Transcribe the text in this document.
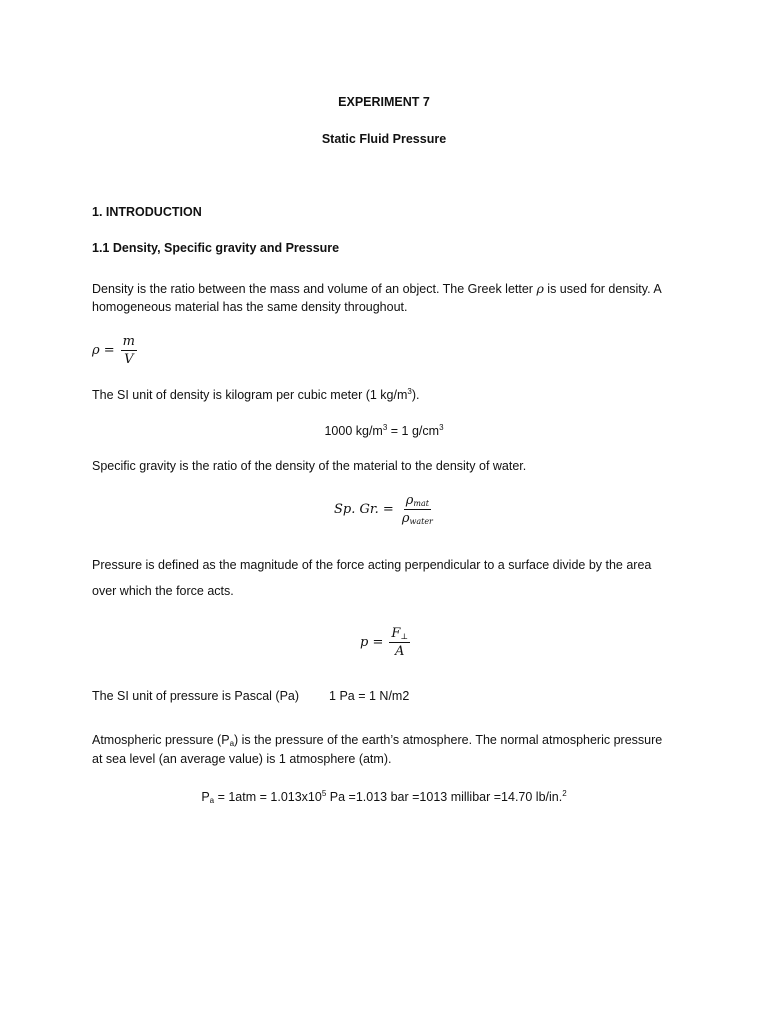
EXPERIMENT 7
Static Fluid Pressure
1. INTRODUCTION
1.1 Density, Specific gravity and Pressure
Density is the ratio between the mass and volume of an object. The Greek letter ρ is used for density. A
homogeneous material has the same density throughout.
$\rho = \frac{m}{V}$
The SI unit of density is kilogram per cubic meter (1 $kg/m^3$).
1000 $kg/m^3 = 1$ $g/cm^3$
Specific gravity is the ratio of the density of the material to the density of water.
Sp. Gr. = $\frac{\rho_{mat}}{\rho_{water}}$
Pressure is defined as the magnitude of the force acting perpendicular to a surface divide by the area
over which the force acts.
$p = \frac{F_\perp}{A}$
The SI unit of pressure is Pascal (Pa) 1 Pa = 1 N/m2
Atmospheric pressure $(P_a)$ is the pressure of the earth’s atmosphere. The normal atmospheric pressure
at sea level (an average value) is 1 atmosphere (atm).
$P_a = 1atm = 1.013x10^5$ Pa =1.013 bar =1013 millibar =14.70 lb/in.$^2$
